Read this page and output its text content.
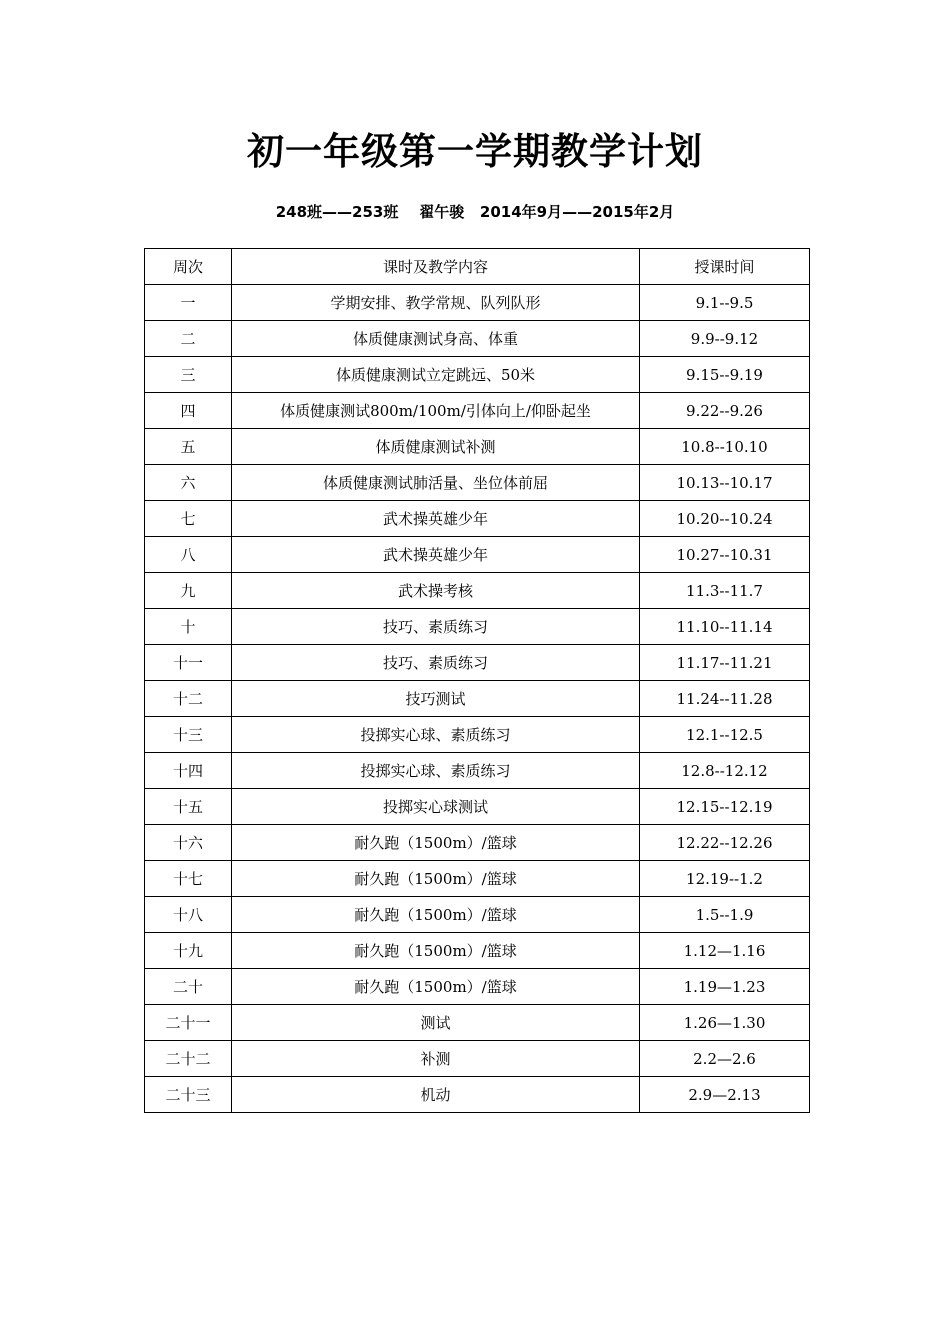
初一年级第一学期教学计划
248班——253班    翟午骏   2014年9月——2015年2月
周次	课时及教学内容	授课时间
一	学期安排、教学常规、队列队形	9.1--9.5
二	体质健康测试身高、体重	9.9--9.12
三	体质健康测试立定跳远、50米	9.15--9.19
四	体质健康测试800m/100m/引体向上/仰卧起坐	9.22--9.26
五	体质健康测试补测	10.8--10.10
六	体质健康测试肺活量、坐位体前屈	10.13--10.17
七	武术操英雄少年	10.20--10.24
八	武术操英雄少年	10.27--10.31
九	武术操考核	11.3--11.7
十	技巧、素质练习	11.10--11.14
十一	技巧、素质练习	11.17--11.21
十二	技巧测试	11.24--11.28
十三	投掷实心球、素质练习	12.1--12.5
十四	投掷实心球、素质练习	12.8--12.12
十五	投掷实心球测试	12.15--12.19
十六	耐久跑（1500m）/篮球	12.22--12.26
十七	耐久跑（1500m）/篮球	12.19--1.2
十八	耐久跑（1500m）/篮球	1.5--1.9
十九	耐久跑（1500m）/篮球	1.12—1.16
二十	耐久跑（1500m）/篮球	1.19—1.23
二十一	测试	1.26—1.30
二十二	补测	2.2—2.6
二十三	机动	2.9—2.13
